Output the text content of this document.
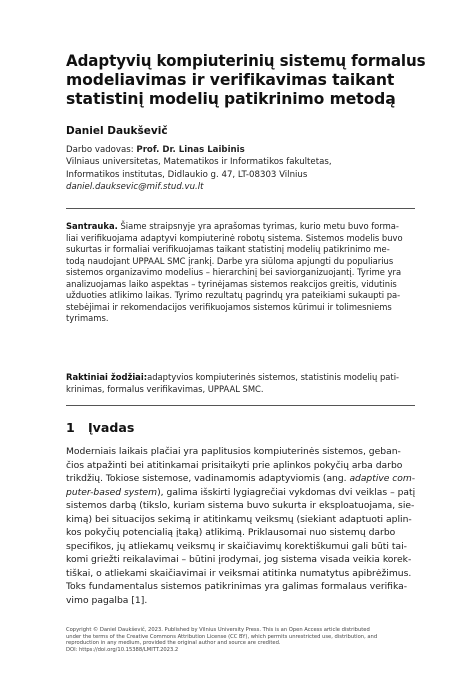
Adaptyvių kompiuterinių sistemų formalus
modeliavimas ir verifikavimas taikant
statistinį modelių patikrinimo metodą
Daniel Daukševič
Darbo vadovas: Prof. Dr. Linas Laibinis
Vilniaus universitetas, Matematikos ir Informatikos fakultetas,
Informatikos institutas, Didlaukio g. 47, LT-08303 Vilnius
daniel.dauksevic@mif.stud.vu.lt
Santrauka. Šiame straipsnyje yra aprašomas tyrimas, kurio metu buvo forma-
liai verifikuojama adaptyvi kompiuterinė robotų sistema. Sistemos modelis buvo
sukurtas ir formaliai verifikuojamas taikant statistinį modelių patikrinimo me-
todą naudojant UPPAAL SMC įrankį. Darbe yra siūloma apjungti du populiarius
sistemos organizavimo modelius – hierarchinį bei saviorganizuojantį. Tyrime yra
analizuojamas laiko aspektas – tyrinėjamas sistemos reakcijos greitis, vidutinis
užduoties atlikimo laikas. Tyrimo rezultatų pagrindų yra pateikiami sukaupti pa-
stebėjimai ir rekomendacijos verifikuojamos sistemos kūrimui ir tolimesniems
tyrimams.
Raktiniai žodžiai: adaptyvios kompiuterinės sistemos, statistinis modelių pati-
krinimas, formalus verifikavimas, UPPAAL SMC.
1 Įvadas
Moderniais laikais plačiai yra paplitusios kompiuterinės sistemos, geban-
čios atpažinti bei atitinkamai prisitaikyti prie aplinkos pokyčių arba darbo
trikdžių. Tokiose sistemose, vadinamomis adaptyviomis (ang. adaptive com-
puter-based system), galima išskirti lygiagrečiai vykdomas dvi veiklas – patį
sistemos darbą (tikslo, kuriam sistema buvo sukurta ir eksploatuojama, sie-
kimą) bei situacijos sekimą ir atitinkamų veiksmų (siekiant adaptuoti aplin-
kos pokyčių potencialią įtaką) atlikimą. Priklausomai nuo sistemų darbo
specifikos, jų atliekamų veiksmų ir skaičiavimų korektiškumui gali būti tai-
komi griežti reikalavimai – būtini įrodymai, jog sistema visada veikia korek-
tiškai, o atliekami skaičiavimai ir veiksmai atitinka numatytus apibrėžimus.
Toks fundamentalus sistemos patikrinimas yra galimas formalaus verifika-
vimo pagalba [1].
Copyright © Daniel Daukševič, 2023. Published by Vilnius University Press. This is an Open Access article distributed
under the terms of the Creative Commons Attribution License (CC BY), which permits unrestricted use, distribution, and
reproduction in any medium, provided the original author and source are credited.
DOI: https://doi.org/10.15388/LMITT.2023.2
